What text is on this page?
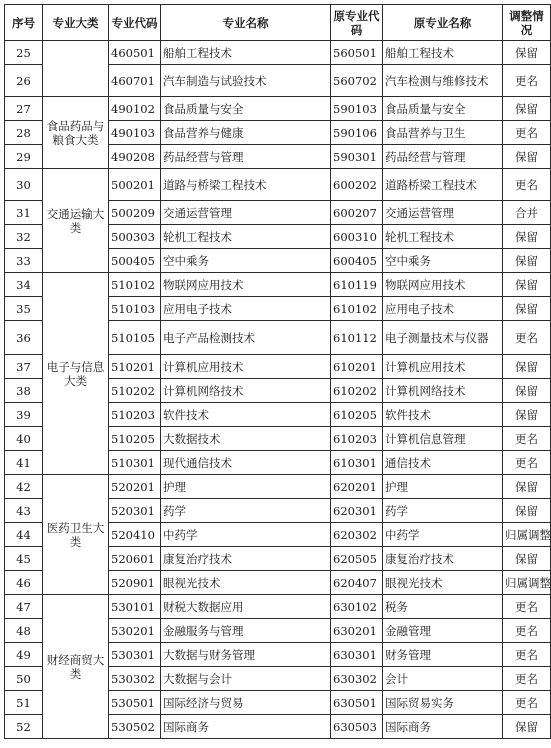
序号	专业大类	专业代码	专业名称	原专业代码	原专业名称	调整情况
25		460501	船舶工程技术	560501	船舶工程技术	保留
26		460701	汽车制造与试验技术	560702	汽车检测与维修技术	更名
27	食品药品与粮食大类	490102	食品质量与安全	590103	食品质量与安全	保留
28		490103	食品营养与健康	590106	食品营养与卫生	更名
29		490208	药品经营与管理	590301	药品经营与管理	保留
30	交通运输大类	500201	道路与桥梁工程技术	600202	道路桥梁工程技术	更名
31		500209	交通运营管理	600207	交通运营管理	合并
32		500303	轮机工程技术	600310	轮机工程技术	保留
33		500405	空中乘务	600405	空中乘务	保留
34	电子与信息大类	510102	物联网应用技术	610119	物联网应用技术	保留
35		510103	应用电子技术	610102	应用电子技术	保留
36		510105	电子产品检测技术	610112	电子测量技术与仪器	更名
37		510201	计算机应用技术	610201	计算机应用技术	保留
38		510202	计算机网络技术	610202	计算机网络技术	保留
39		510203	软件技术	610205	软件技术	保留
40		510205	大数据技术	610203	计算机信息管理	更名
41		510301	现代通信技术	610301	通信技术	更名
42	医药卫生大类	520201	护理	620201	护理	保留
43		520301	药学	620301	药学	保留
44		520410	中药学	620302	中药学	归属调整
45		520601	康复治疗技术	620505	康复治疗技术	保留
46		520901	眼视光技术	620407	眼视光技术	归属调整
47	财经商贸大类	530101	财税大数据应用	630102	税务	更名
48		530201	金融服务与管理	630201	金融管理	更名
49		530301	大数据与财务管理	630301	财务管理	更名
50		530302	大数据与会计	630302	会计	更名
51		530501	国际经济与贸易	630501	国际贸易实务	更名
52		530502	国际商务	630503	国际商务	保留
